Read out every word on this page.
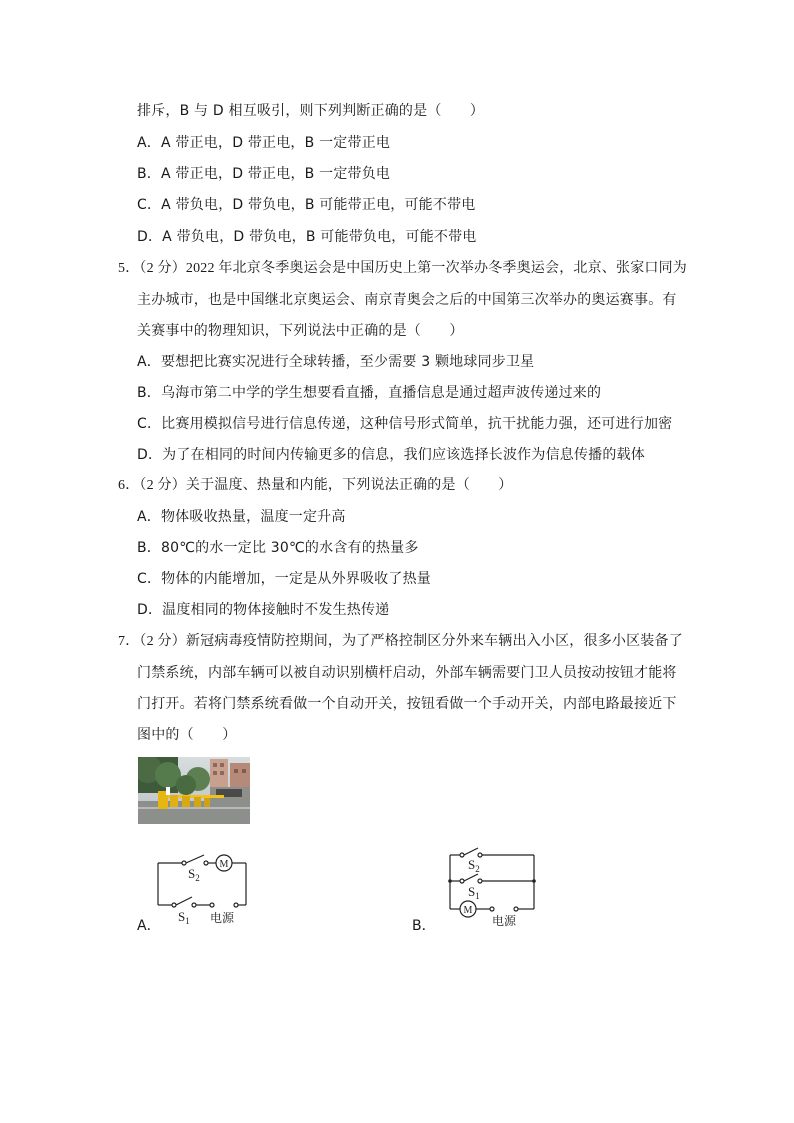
排斥，B 与 D 相互吸引，则下列判断正确的是（　　）
A．A 带正电，D 带正电，B 一定带正电
B．A 带正电，D 带正电，B 一定带负电
C．A 带负电，D 带负电，B 可能带正电，可能不带电
D．A 带负电，D 带负电，B 可能带负电，可能不带电
5．（2 分）2022 年北京冬季奥运会是中国历史上第一次举办冬季奥运会，北京、张家口同为
主办城市，也是中国继北京奥运会、南京青奥会之后的中国第三次举办的奥运赛事。有
关赛事中的物理知识，下列说法中正确的是（　　）
A．要想把比赛实况进行全球转播，至少需要 3 颗地球同步卫星
B．乌海市第二中学的学生想要看直播，直播信息是通过超声波传递过来的
C．比赛用模拟信号进行信息传递，这种信号形式简单，抗干扰能力强，还可进行加密
D．为了在相同的时间内传输更多的信息，我们应该选择长波作为信息传播的载体
6．（2 分）关于温度、热量和内能，下列说法正确的是（　　）
A．物体吸收热量，温度一定升高
B．80℃的水一定比 30℃的水含有的热量多
C．物体的内能增加，一定是从外界吸收了热量
D．温度相同的物体接触时不发生热传递
7．（2 分）新冠病毒疫情防控期间，为了严格控制区分外来车辆出入小区，很多小区装备了
门禁系统，内部车辆可以被自动识别横杆启动，外部车辆需要门卫人员按动按钮才能将
门打开。若将门禁系统看做一个自动开关，按钮看做一个手动开关，内部电路最接近下
图中的（　　）
A．
M
$S_2$
$S_1$ 电源	B．
M
$S_2$
$S_1$
电源
